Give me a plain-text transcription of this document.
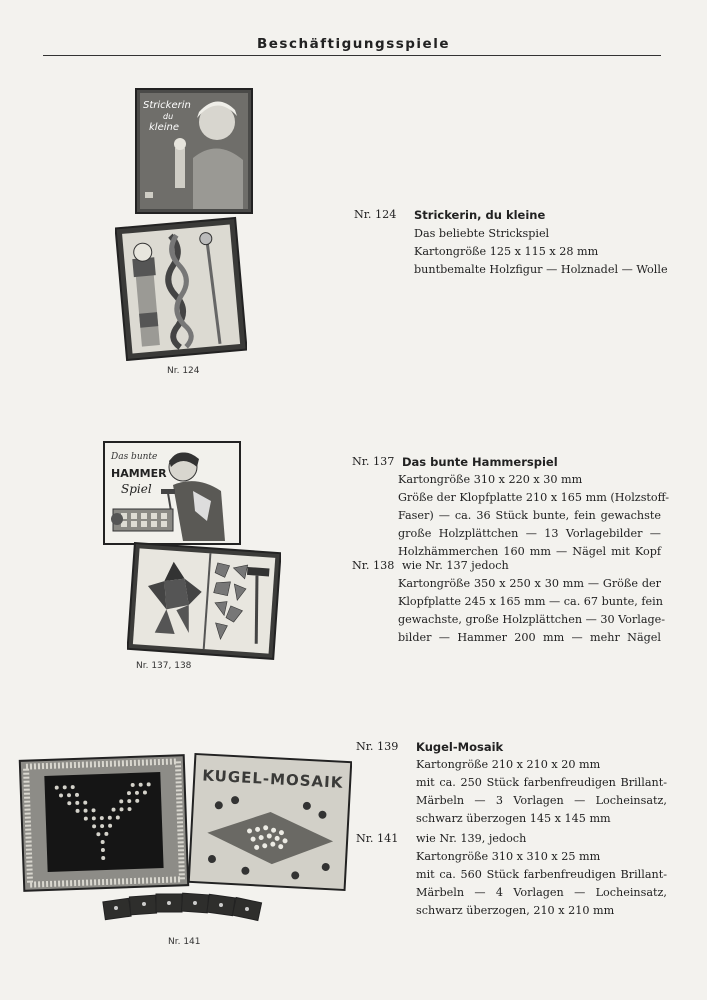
Beschäftigungsspiele
Strickerin
du
kleine
Nr. 124
Nr. 124 Strickerin, du kleine
Das beliebte Strickspiel
Kartongröße 125 x 115 x 28 mm
buntbemalte Holzfigur — Holznadel — Wolle
Das bunte
HAMMER
Spiel
Nr. 137, 138
Nr. 137 Das bunte Hammerspiel
Kartongröße 310 x 220 x 30 mm
Größe der Klopfplatte 210 x 165 mm (Holzstoff-
Faser) — ca. 36 Stück bunte, fein gewachste
große Holzplättchen — 13 Vorlagebilder —
Holzhämmerchen 160 mm — Nägel mit Kopf
Nr. 138 wie Nr. 137 jedoch
Kartongröße 350 x 250 x 30 mm — Größe der
Klopfplatte 245 x 165 mm — ca. 67 bunte, fein
gewachste, große Holzplättchen — 30 Vorlage-
bilder — Hammer 200 mm — mehr Nägel
KUGEL-MOSAIK
Nr. 141
Nr. 139 Kugel-Mosaik
Kartongröße 210 x 210 x 20 mm
mit ca. 250 Stück farbenfreudigen Brillant-
Märbeln — 3 Vorlagen — Locheinsatz,
schwarz überzogen 145 x 145 mm
Nr. 141 wie Nr. 139, jedoch
Kartongröße 310 x 310 x 25 mm
mit ca. 560 Stück farbenfreudigen Brillant-
Märbeln — 4 Vorlagen — Locheinsatz,
schwarz überzogen, 210 x 210 mm
